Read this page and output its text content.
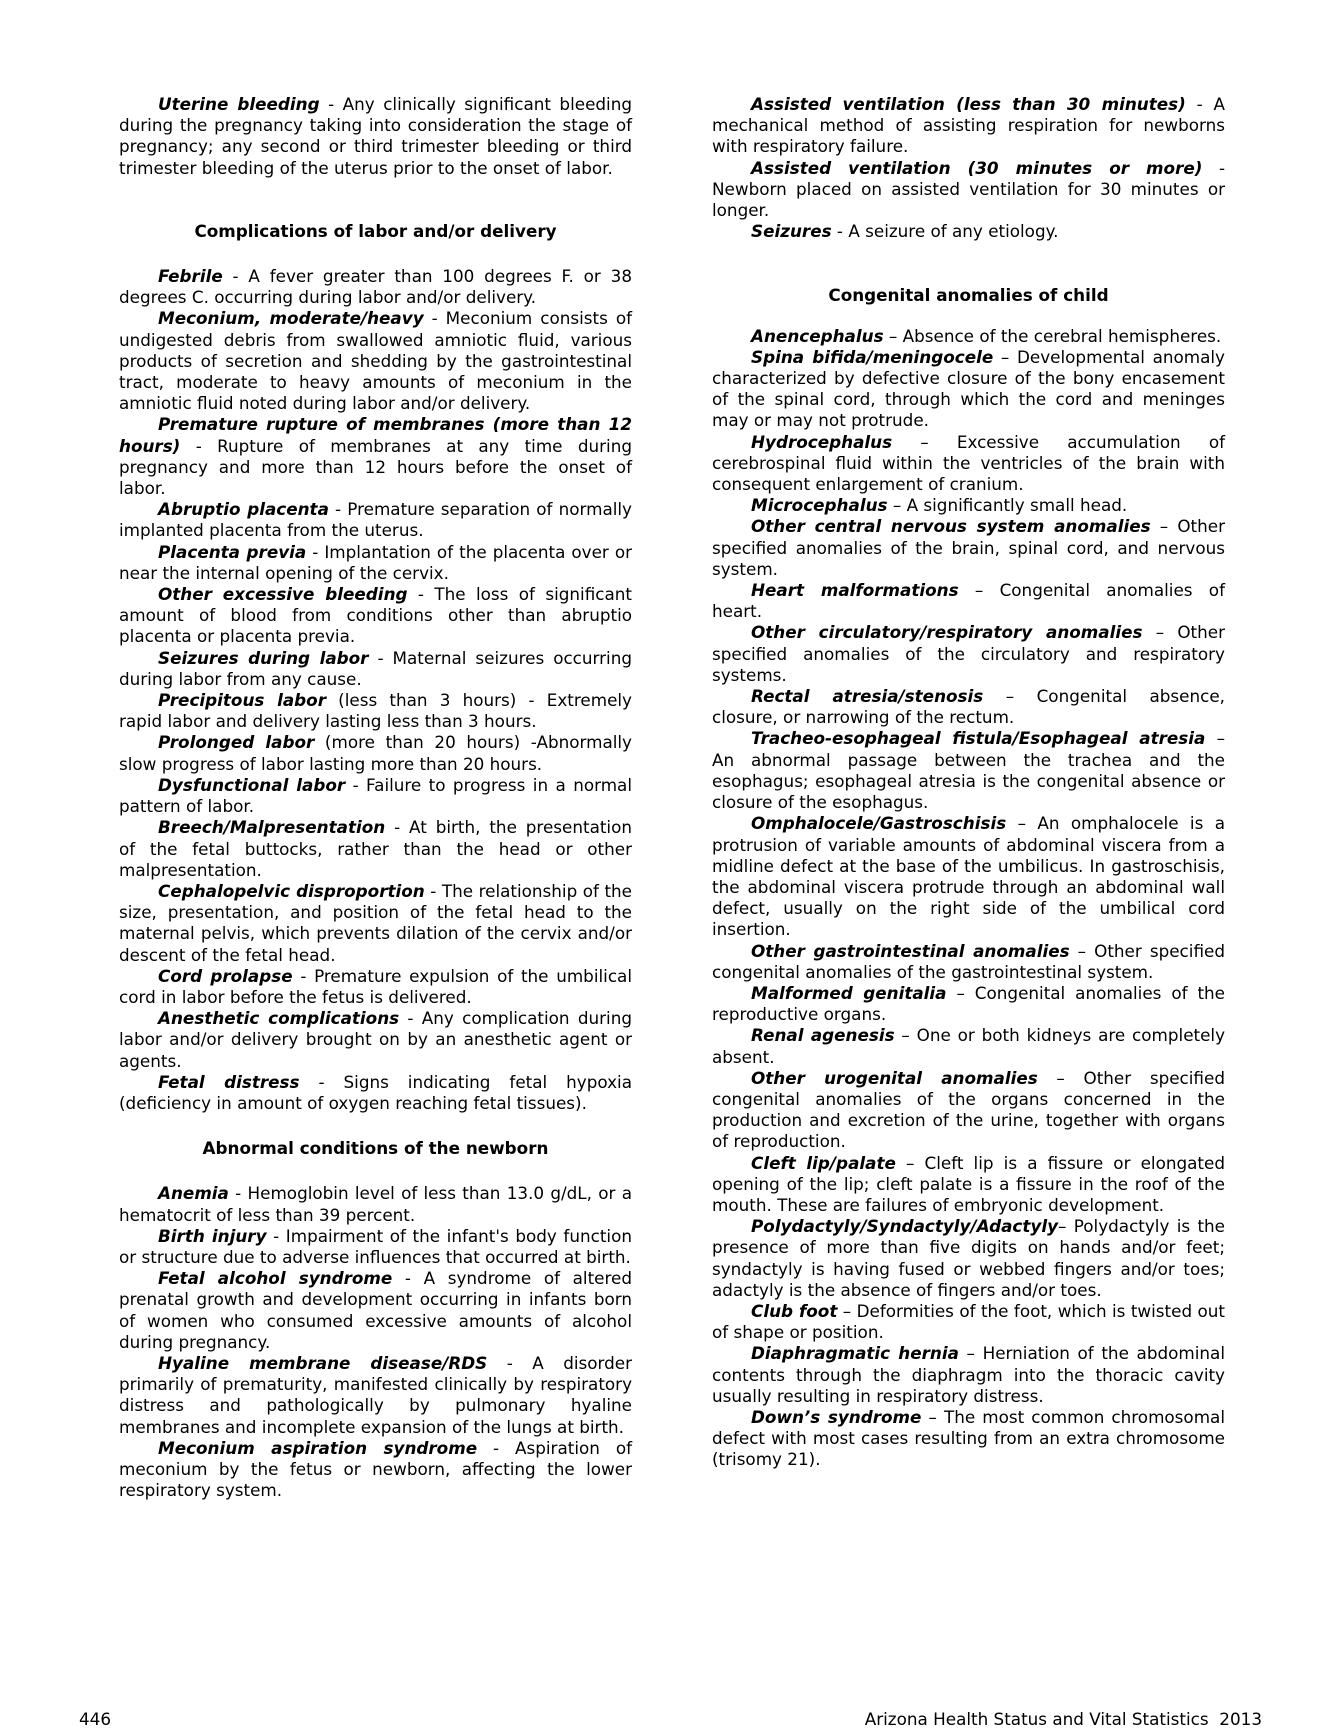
Uterine bleeding - Any clinically significant bleeding during the pregnancy taking into consideration the stage of pregnancy; any second or third trimester bleeding or third trimester bleeding of the uterus prior to the onset of labor.

Complications of labor and/or delivery

Febrile - A fever greater than 100 degrees F. or 38 degrees C. occurring during labor and/or delivery.

Meconium, moderate/heavy - Meconium consists of undigested debris from swallowed amniotic fluid, various products of secretion and shedding by the gastrointestinal tract, moderate to heavy amounts of meconium in the amniotic fluid noted during labor and/or delivery.

Premature rupture of membranes (more than 12 hours) - Rupture of membranes at any time during pregnancy and more than 12 hours before the onset of labor.

Abruptio placenta - Premature separation of normally implanted placenta from the uterus.

Placenta previa - Implantation of the placenta over or near the internal opening of the cervix.

Other excessive bleeding - The loss of significant amount of blood from conditions other than abruptio placenta or placenta previa.

Seizures during labor - Maternal seizures occurring during labor from any cause.

Precipitous labor (less than 3 hours) - Extremely rapid labor and delivery lasting less than 3 hours.

Prolonged labor (more than 20 hours) -Abnormally slow progress of labor lasting more than 20 hours.

Dysfunctional labor - Failure to progress in a normal pattern of labor.

Breech/Malpresentation - At birth, the presentation of the fetal buttocks, rather than the head or other malpresentation.

Cephalopelvic disproportion - The relationship of the size, presentation, and position of the fetal head to the maternal pelvis, which prevents dilation of the cervix and/or descent of the fetal head.

Cord prolapse - Premature expulsion of the umbilical cord in labor before the fetus is delivered.

Anesthetic complications - Any complication during labor and/or delivery brought on by an anesthetic agent or agents.

Fetal distress - Signs indicating fetal hypoxia (deficiency in amount of oxygen reaching fetal tissues).

Abnormal conditions of the newborn

Anemia - Hemoglobin level of less than 13.0 g/dL, or a hematocrit of less than 39 percent.

Birth injury - Impairment of the infant's body function or structure due to adverse influences that occurred at birth.

Fetal alcohol syndrome - A syndrome of altered prenatal growth and development occurring in infants born of women who consumed excessive amounts of alcohol during pregnancy.

Hyaline membrane disease/RDS - A disorder primarily of prematurity, manifested clinically by respiratory distress and pathologically by pulmonary hyaline membranes and incomplete expansion of the lungs at birth.

Meconium aspiration syndrome - Aspiration of meconium by the fetus or newborn, affecting the lower respiratory system.

Assisted ventilation (less than 30 minutes) - A mechanical method of assisting respiration for newborns with respiratory failure.

Assisted ventilation (30 minutes or more) - Newborn placed on assisted ventilation for 30 minutes or longer.

Seizures - A seizure of any etiology.

Congenital anomalies of child

Anencephalus – Absence of the cerebral hemispheres.

Spina bifida/meningocele – Developmental anomaly characterized by defective closure of the bony encasement of the spinal cord, through which the cord and meninges may or may not protrude.

Hydrocephalus – Excessive accumulation of cerebrospinal fluid within the ventricles of the brain with consequent enlargement of cranium.

Microcephalus – A significantly small head.

Other central nervous system anomalies – Other specified anomalies of the brain, spinal cord, and nervous system.

Heart malformations – Congenital anomalies of heart.

Other circulatory/respiratory anomalies – Other specified anomalies of the circulatory and respiratory systems.

Rectal atresia/stenosis – Congenital absence, closure, or narrowing of the rectum.

Tracheo-esophageal fistula/Esophageal atresia – An abnormal passage between the trachea and the esophagus; esophageal atresia is the congenital absence or closure of the esophagus.

Omphalocele/Gastroschisis – An omphalocele is a protrusion of variable amounts of abdominal viscera from a midline defect at the base of the umbilicus. In gastroschisis, the abdominal viscera protrude through an abdominal wall defect, usually on the right side of the umbilical cord insertion.

Other gastrointestinal anomalies – Other specified congenital anomalies of the gastrointestinal system.

Malformed genitalia – Congenital anomalies of the reproductive organs.

Renal agenesis – One or both kidneys are completely absent.

Other urogenital anomalies – Other specified congenital anomalies of the organs concerned in the production and excretion of the urine, together with organs of reproduction.

Cleft lip/palate – Cleft lip is a fissure or elongated opening of the lip; cleft palate is a fissure in the roof of the mouth. These are failures of embryonic development.

Polydactyly/Syndactyly/Adactyly– Polydactyly is the presence of more than five digits on hands and/or feet; syndactyly is having fused or webbed fingers and/or toes; adactyly is the absence of fingers and/or toes.

Club foot – Deformities of the foot, which is twisted out of shape or position.

Diaphragmatic hernia – Herniation of the abdominal contents through the diaphragm into the thoracic cavity usually resulting in respiratory distress.

Down’s syndrome – The most common chromosomal defect with most cases resulting from an extra chromosome (trisomy 21).

446	Arizona Health Status and Vital Statistics  2013
